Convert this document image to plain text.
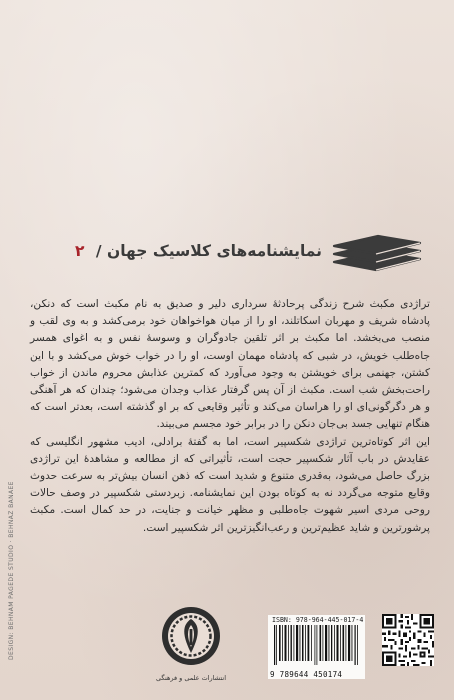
نمایشنامه‌های کلاسیک جهان / ۲

تراژدی مکبث شرح زندگی پرحادثهٔ سرداری دلیر و صدیق به نام مکبث است که دنکن، پادشاه شریف و مهربان اسکاتلند، او را از میان هواخواهان خود برمی‌کشد و به وی لقب و منصب می‌بخشد. اما مکبث بر اثر تلقین جادوگران و وسوسهٔ نفس و به اغوای همسر جاه‌طلب خویش، در شبی که پادشاه مهمان اوست، او را در خواب خوش می‌کشد و با این کشتن، جهنمی برای خویشتن به وجود می‌آورد که کمترین عذابش محروم ماندن از خواب راحت‌بخش شب است. مکبث از آن پس گرفتار عذاب وجدان می‌شود؛ چندان که هر آهنگی و هر دگرگونی‌ای او را هراسان می‌کند و تأثیر وقایعی که بر او گذشته است، بعدتر است که هنگام تنهایی جسد بی‌جان دنکن را در برابر خود مجسم می‌بیند.

این اثر کوتاه‌ترین تراژدی شکسپیر است، اما به گفتهٔ برادلی، ادیب مشهور انگلیسی که عقایدش در باب آثار شکسپیر حجت است، تأثیراتی که از مطالعه و مشاهدهٔ این تراژدی بزرگ حاصل می‌شود، به‌قدری متنوع و شدید است که ذهن انسان بیش‌تر به سرعت حدوث وقایع متوجه می‌گردد نه به کوتاه بودن این نمایشنامه. زبردستی شکسپیر در وصف حالات روحی مردی اسیر شهوت جاه‌طلبی و مظهر خیانت و جنایت، در حد کمال است. مکبث پرشورترین و شاید عظیم‌ترین و رعب‌انگیزترین اثر شکسپیر است.

DESIGN: BEHNAM PAGEDE STUDIO · BEHNAZ BANAEE
انتشارات علمی و فرهنگی
ISBN: 978-964-445-017-4
9 789644 450174
